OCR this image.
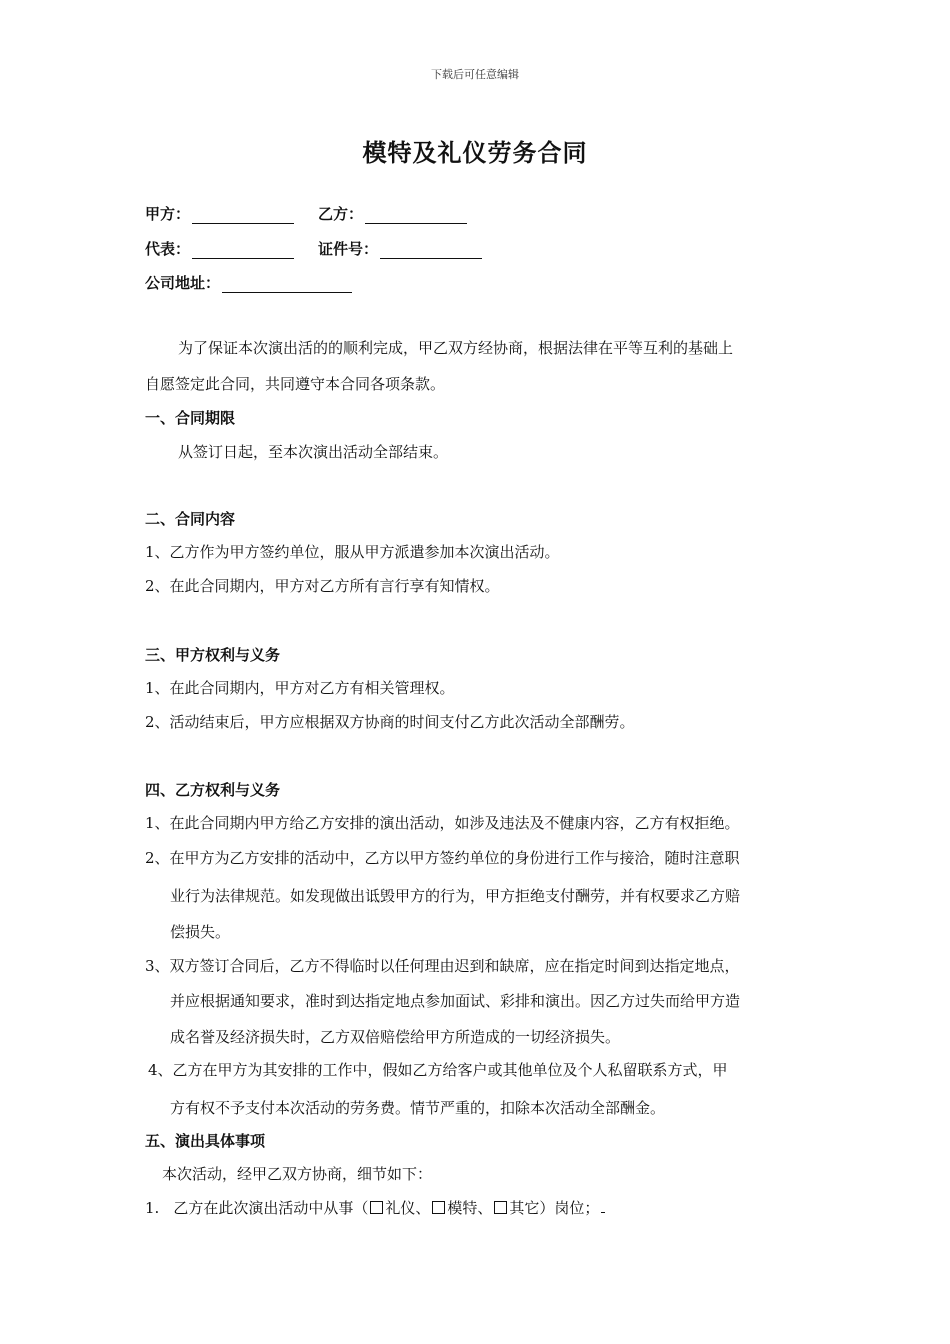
下载后可任意编辑
模特及礼仪劳务合同
甲方：	乙方：
代表：	证件号：
公司地址：
为了保证本次演出活的的顺利完成，甲乙双方经协商，根据法律在平等互利的基础上
自愿签定此合同，共同遵守本合同各项条款。
一、合同期限
从签订日起，至本次演出活动全部结束。
二、合同内容
1、乙方作为甲方签约单位，服从甲方派遣参加本次演出活动。
2、在此合同期内，甲方对乙方所有言行享有知情权。
三、甲方权利与义务
1、在此合同期内，甲方对乙方有相关管理权。
2、活动结束后，甲方应根据双方协商的时间支付乙方此次活动全部酬劳。
四、乙方权利与义务
1、在此合同期内甲方给乙方安排的演出活动，如涉及违法及不健康内容，乙方有权拒绝。
2、在甲方为乙方安排的活动中，乙方以甲方签约单位的身份进行工作与接洽，随时注意职
业行为法律规范。如发现做出诋毁甲方的行为，甲方拒绝支付酬劳，并有权要求乙方赔
偿损失。
3、双方签订合同后，乙方不得临时以任何理由迟到和缺席，应在指定时间到达指定地点，
并应根据通知要求，准时到达指定地点参加面试、彩排和演出。因乙方过失而给甲方造
成名誉及经济损失时，乙方双倍赔偿给甲方所造成的一切经济损失。
4、乙方在甲方为其安排的工作中，假如乙方给客户或其他单位及个人私留联系方式，甲
方有权不予支付本次活动的劳务费。情节严重的，扣除本次活动全部酬金。
五、演出具体事项
本次活动，经甲乙双方协商，细节如下：
1. 乙方在此次演出活动中从事（ 礼仪、 模特、 其它）岗位；
